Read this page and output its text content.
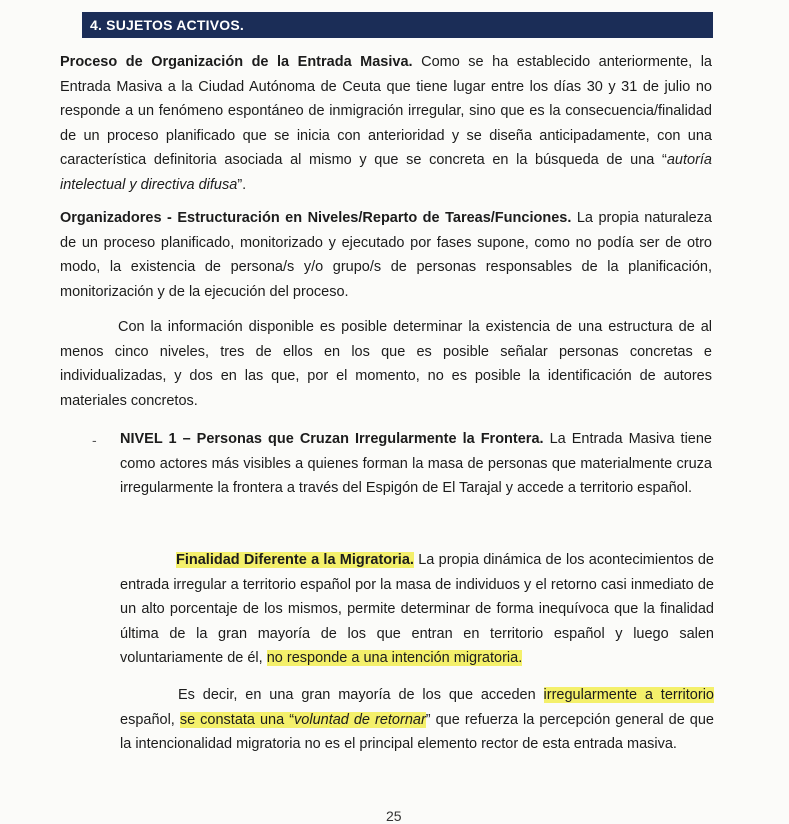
4. SUJETOS ACTIVOS.

Proceso de Organización de la Entrada Masiva. Como se ha establecido anteriormente, la Entrada Masiva a la Ciudad Autónoma de Ceuta que tiene lugar entre los días 30 y 31 de julio no responde a un fenómeno espontáneo de inmigración irregular, sino que es la consecuencia/finalidad de un proceso planificado que se inicia con anterioridad y se diseña anticipadamente, con una característica definitoria asociada al mismo y que se concreta en la búsqueda de una “autoría intelectual y directiva difusa”.

Organizadores - Estructuración en Niveles/Reparto de Tareas/Funciones. La propia naturaleza de un proceso planificado, monitorizado y ejecutado por fases supone, como no podía ser de otro modo, la existencia de persona/s y/o grupo/s de personas responsables de la planificación, monitorización y de la ejecución del proceso.

Con la información disponible es posible determinar la existencia de una estructura de al menos cinco niveles, tres de ellos en los que es posible señalar personas concretas e individualizadas, y dos en las que, por el momento, no es posible la identificación de autores materiales concretos.

- NIVEL 1 – Personas que Cruzan Irregularmente la Frontera. La Entrada Masiva tiene como actores más visibles a quienes forman la masa de personas que materialmente cruza irregularmente la frontera a través del Espigón de El Tarajal y accede a territorio español.

Finalidad Diferente a la Migratoria. La propia dinámica de los acontecimientos de entrada irregular a territorio español por la masa de individuos y el retorno casi inmediato de un alto porcentaje de los mismos, permite determinar de forma inequívoca que la finalidad última de la gran mayoría de los que entran en territorio español y luego salen voluntariamente de él, no responde a una intención migratoria.

Es decir, en una gran mayoría de los que acceden irregularmente a territorio español, se constata una “voluntad de retornar” que refuerza la percepción general de que la intencionalidad migratoria no es el principal elemento rector de esta entrada masiva.

25
